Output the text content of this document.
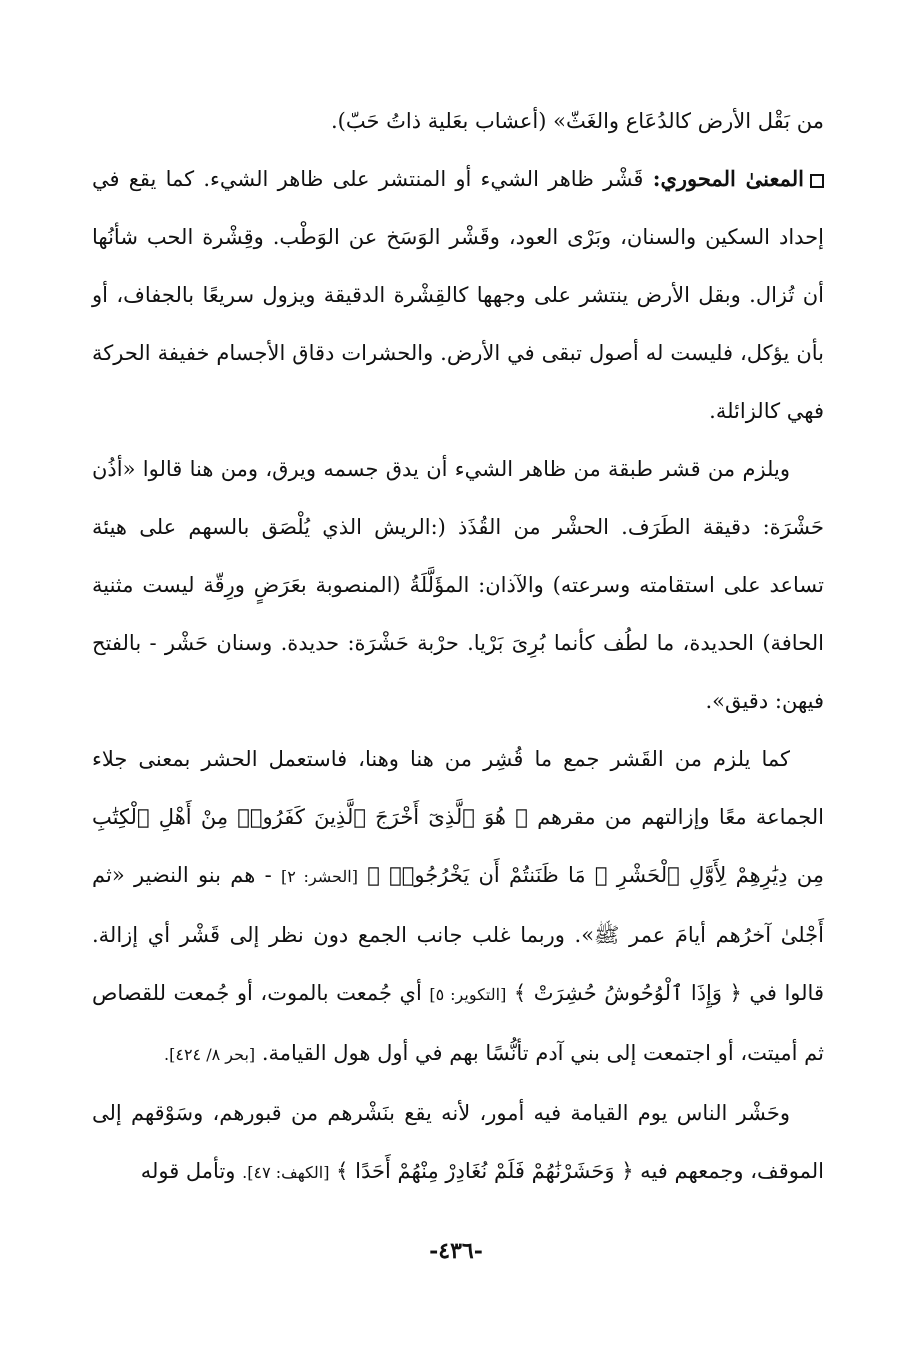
من بَقْل الأرض كالدُعَاع والغَثّ» (أعشاب بعَلية ذاتُ حَبّ).

المعنىٰ المحوري: قَشْر ظاهر الشيء أو المنتشر على ظاهر الشيء. كما يقع في إحداد السكين والسنان، وبَرْى العود، وقَشْر الوَسَخ عن الوَطْب. وقِشْرة الحب شأنُها أن تُزال. وبقل الأرض ينتشر على وجهها كالقِشْرة الدقيقة ويزول سريعًا بالجفاف، أو بأن يؤكل، فليست له أصول تبقى في الأرض. والحشرات دقاق الأجسام خفيفة الحركة فهي كالزائلة.

ويلزم من قشر طبقة من ظاهر الشيء أن يدق جسمه ويرق، ومن هنا قالوا «أذُن حَشْرَة: دقيقة الطَرَف. الحشْر من القُذَذ (:الريش الذي يُلْصَق بالسهم على هيئة تساعد على استقامته وسرعته) والآذان: المؤَلَّلَةُ (المنصوبة بعَرَضٍ ورِقّة ليست مثنية الحافة) الحديدة، ما لطُف كأنما بُرِىَ بَرْيا. حرْبة حَشْرَة: حديدة. وسنان حَشْر - بالفتح فيهن: دقيق».

كما يلزم من القَشر جمع ما قُشِر من هنا وهنا، فاستعمل الحشر بمعنى جلاء الجماعة معًا وإزالتهم من مقرهم ﴿ هُوَ ٱلَّذِىٓ أَخْرَجَ ٱلَّذِينَ كَفَرُوا۟ مِنْ أَهْلِ ٱلْكِتَٰبِ مِن دِيَٰرِهِمْ لِأَوَّلِ ٱلْحَشْرِ ۚ مَا ظَنَنتُمْ أَن يَخْرُجُوا۟ ﴾ [الحشر: ٢] - هم بنو النضير «ثم أَجْلىٰ آخرُهم أيامَ عمر ﷺ». وربما غلب جانب الجمع دون نظر إلى قَشْر أي إزالة. قالوا في ﴿ وَإِذَا ٱلْوُحُوشُ حُشِرَتْ ﴾ [التكوير: ٥] أي جُمعت بالموت، أو جُمعت للقصاص ثم أميتت، أو اجتمعت إلى بني آدم تأنُّسًا بهم في أول هول القيامة. [بحر ٨/ ٤٢٤].

وحَشْر الناس يوم القيامة فيه أمور، لأنه يقع بنَشْرهم من قبورهم، وسَوْقهم إلى الموقف، وجمعهم فيه ﴿ وَحَشَرْنَٰهُمْ فَلَمْ نُغَادِرْ مِنْهُمْ أَحَدًا ﴾ [الكهف: ٤٧]. وتأمل قوله

-٤٣٦-
